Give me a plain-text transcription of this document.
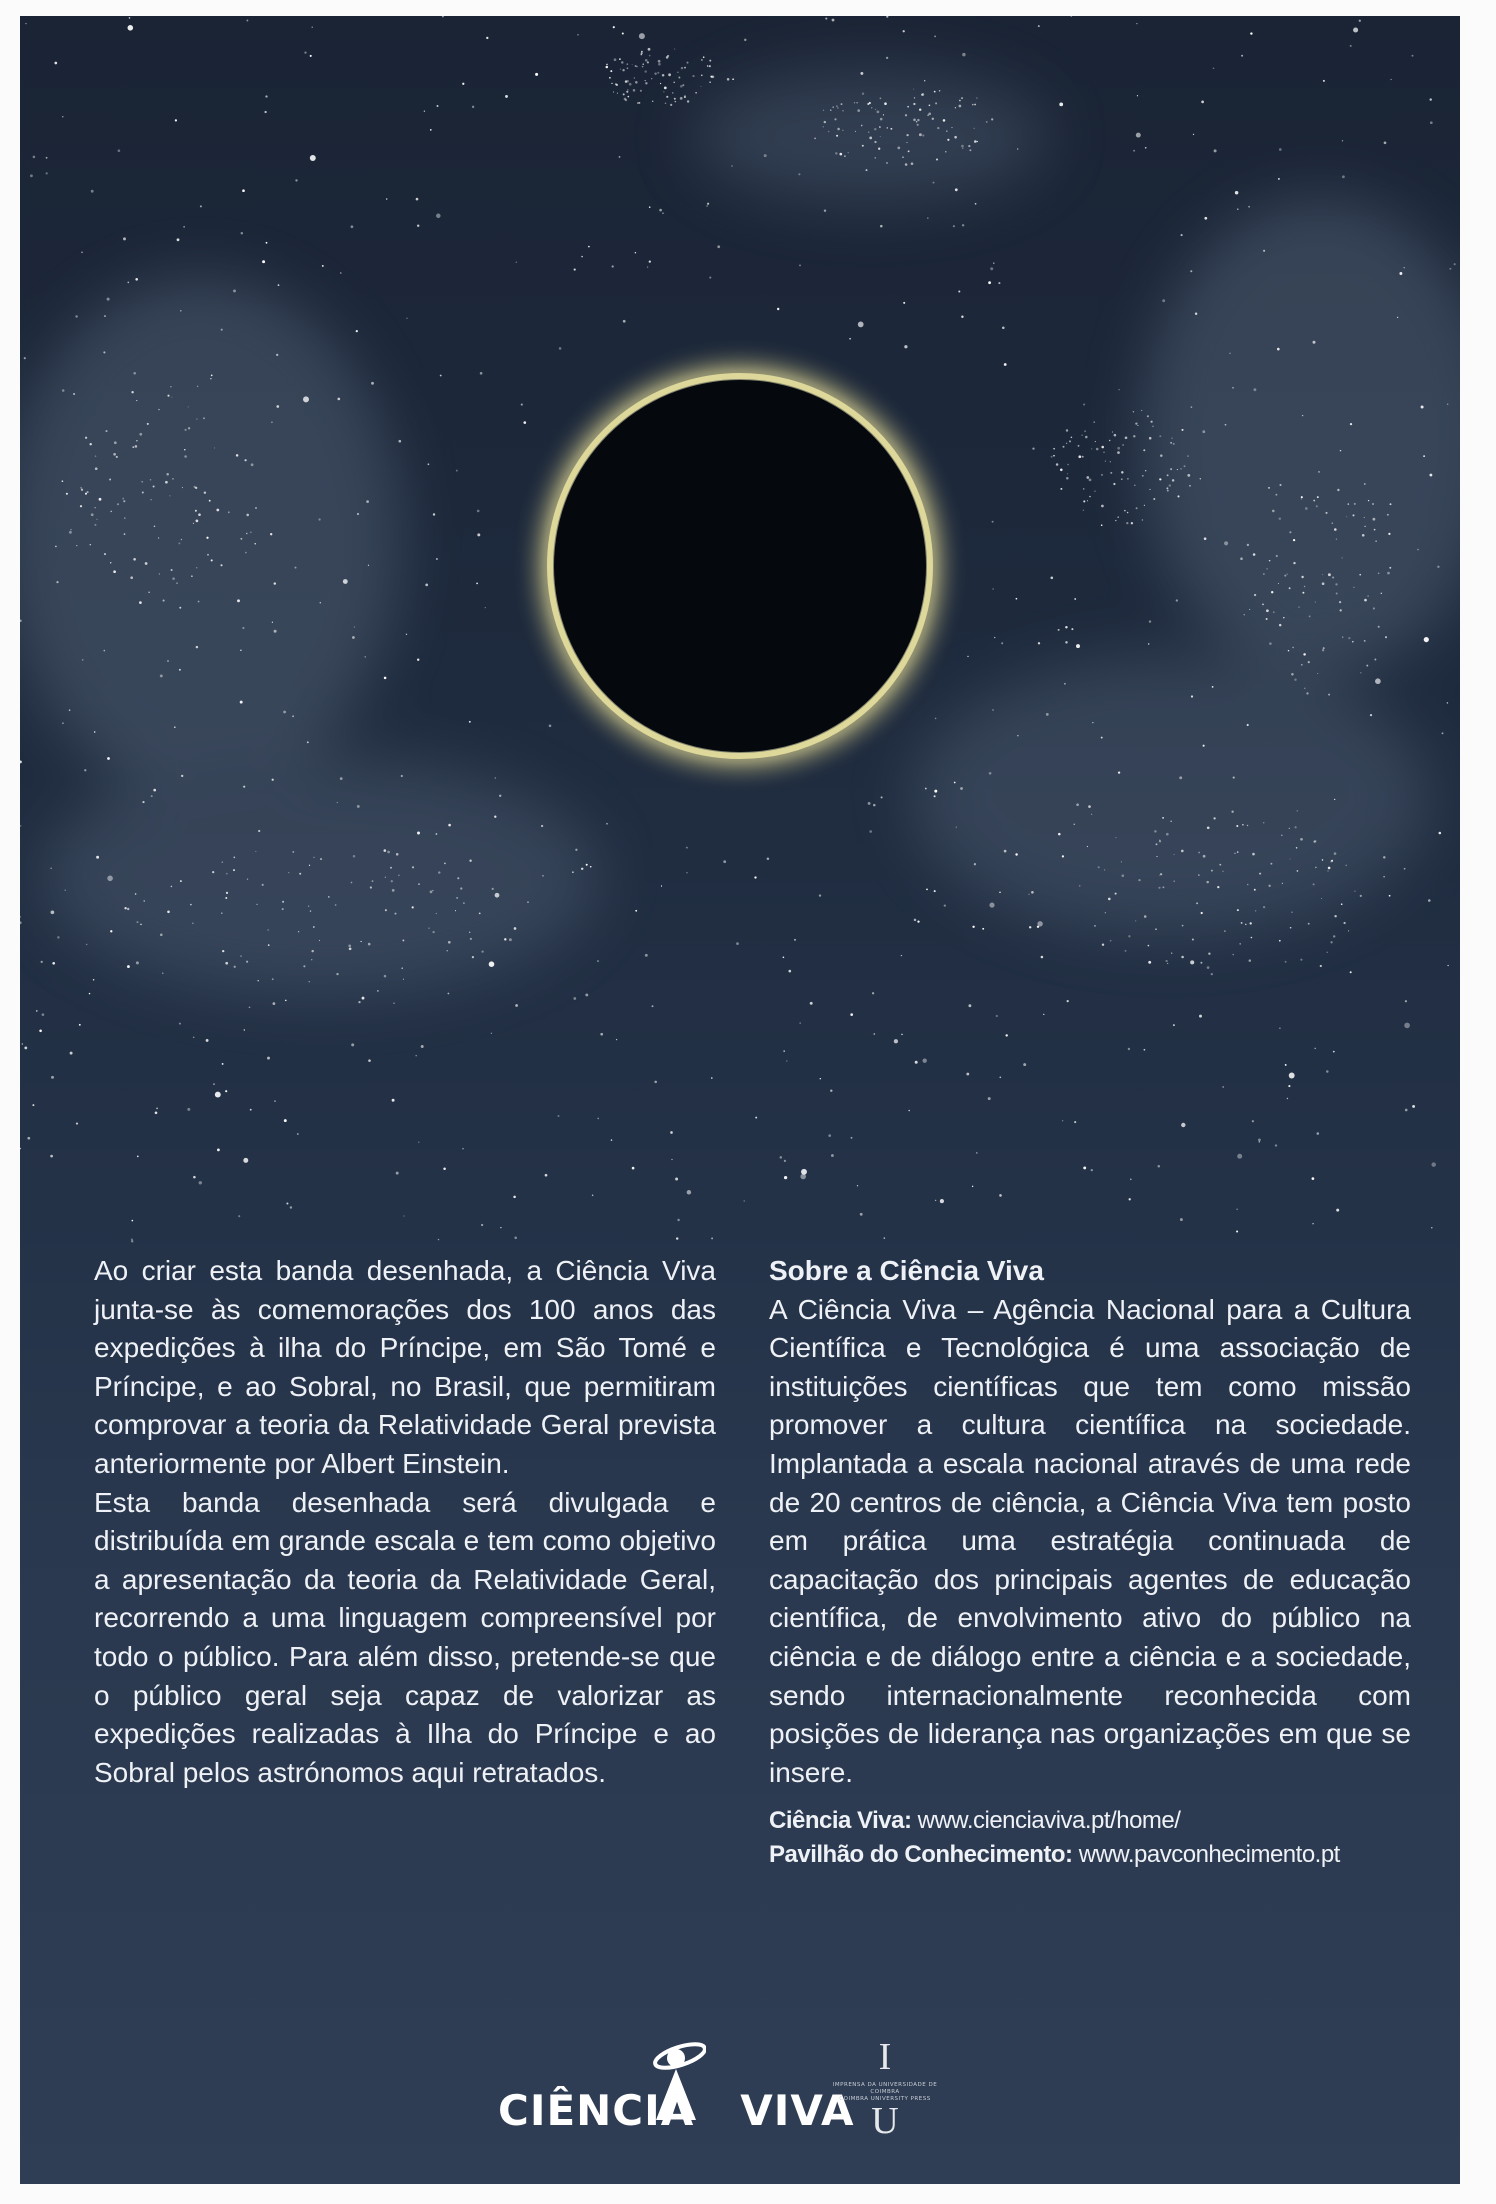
Ao criar esta banda desenhada, a Ciência Viva junta-se às comemorações dos 100 anos das expedições à ilha do Príncipe, em São Tomé e Príncipe, e ao Sobral, no Brasil, que permitiram comprovar a teoria da Relatividade Geral prevista anteriormente por Albert Einstein.

Esta banda desenhada será divulgada e distribuída em grande escala e tem como objetivo a apresentação da teoria da Relatividade Geral, recorrendo a uma linguagem compreensível por todo o público. Para além disso, pretende-se que o público geral seja capaz de valorizar as expedições realizadas à Ilha do Príncipe e ao Sobral pelos astrónomos aqui retratados.

Sobre a Ciência Viva

A Ciência Viva – Agência Nacional para a Cultura Científica e Tecnológica é uma associação de instituições científicas que tem como missão promover a cultura científica na sociedade. Implantada a escala nacional através de uma rede de 20 centros de ciência, a Ciência Viva tem posto em prática uma estratégia continuada de capacitação dos principais agentes de educação científica, de envolvimento ativo do público na ciência e de diálogo entre a ciência e a sociedade, sendo internacionalmente reconhecida com posições de liderança nas organizações em que se insere.

Ciência Viva: www.cienciaviva.pt/home/
Pavilhão do Conhecimento: www.pavconhecimento.pt
CIÊNCIA VIVA
I
IMPRENSA DA UNIVERSIDADE DE COIMBRA
COIMBRA UNIVERSITY PRESS
U
